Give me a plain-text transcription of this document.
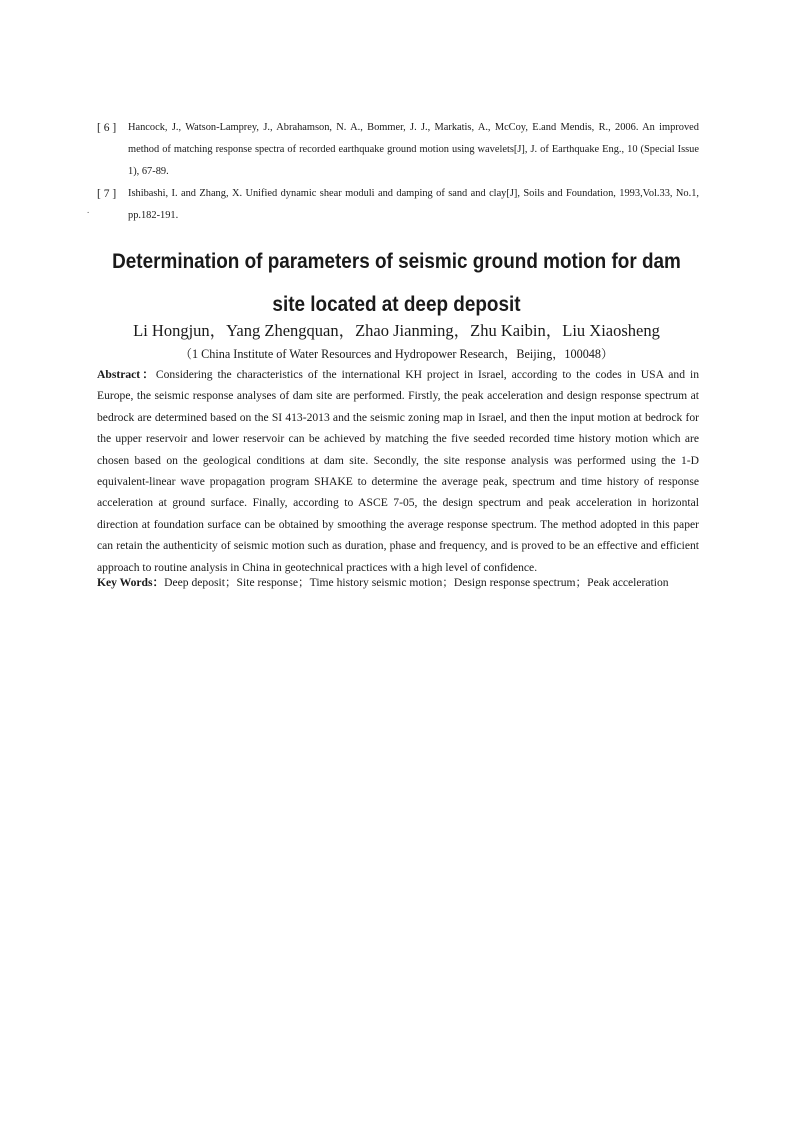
[ 6 ]	Hancock, J., Watson-Lamprey, J., Abrahamson, N. A., Bommer, J. J., Markatis, A., McCoy, E.and Mendis, R., 2006. An improved method of matching response spectra of recorded earthquake ground motion using wavelets[J], J. of Earthquake Eng., 10 (Special Issue 1), 67-89.
[ 7 ]	Ishibashi, I. and Zhang, X. Unified dynamic shear moduli and damping of sand and clay[J], Soils and Foundation, 1993,Vol.33, No.1, pp.182-191.
.
Determination of parameters of seismic ground motion for dam site located at deep deposit
Li Hongjun，Yang Zhengquan，Zhao Jianming，Zhu Kaibin，Liu Xiaosheng
（1 China Institute of Water Resources and Hydropower Research，Beijing，100048）
Abstract：Considering the characteristics of the international KH project in Israel, according to the codes in USA and in Europe, the seismic response analyses of dam site are performed. Firstly, the peak acceleration and design response spectrum at bedrock are determined based on the SI 413-2013 and the seismic zoning map in Israel, and then the input motion at bedrock for the upper reservoir and lower reservoir can be achieved by matching the five seeded recorded time history motion which are chosen based on the geological conditions at dam site. Secondly, the site response analysis was performed using the 1-D equivalent-linear wave propagation program SHAKE to determine the average peak, spectrum and time history of response acceleration at ground surface. Finally, according to ASCE 7-05, the design spectrum and peak acceleration in horizontal direction at foundation surface can be obtained by smoothing the average response spectrum. The method adopted in this paper can retain the authenticity of seismic motion such as duration, phase and frequency, and is proved to be an effective and efficient approach to routine analysis in China in geotechnical practices with a high level of confidence.
Key Words：Deep deposit；Site response；Time history seismic motion；Design response spectrum；Peak acceleration
